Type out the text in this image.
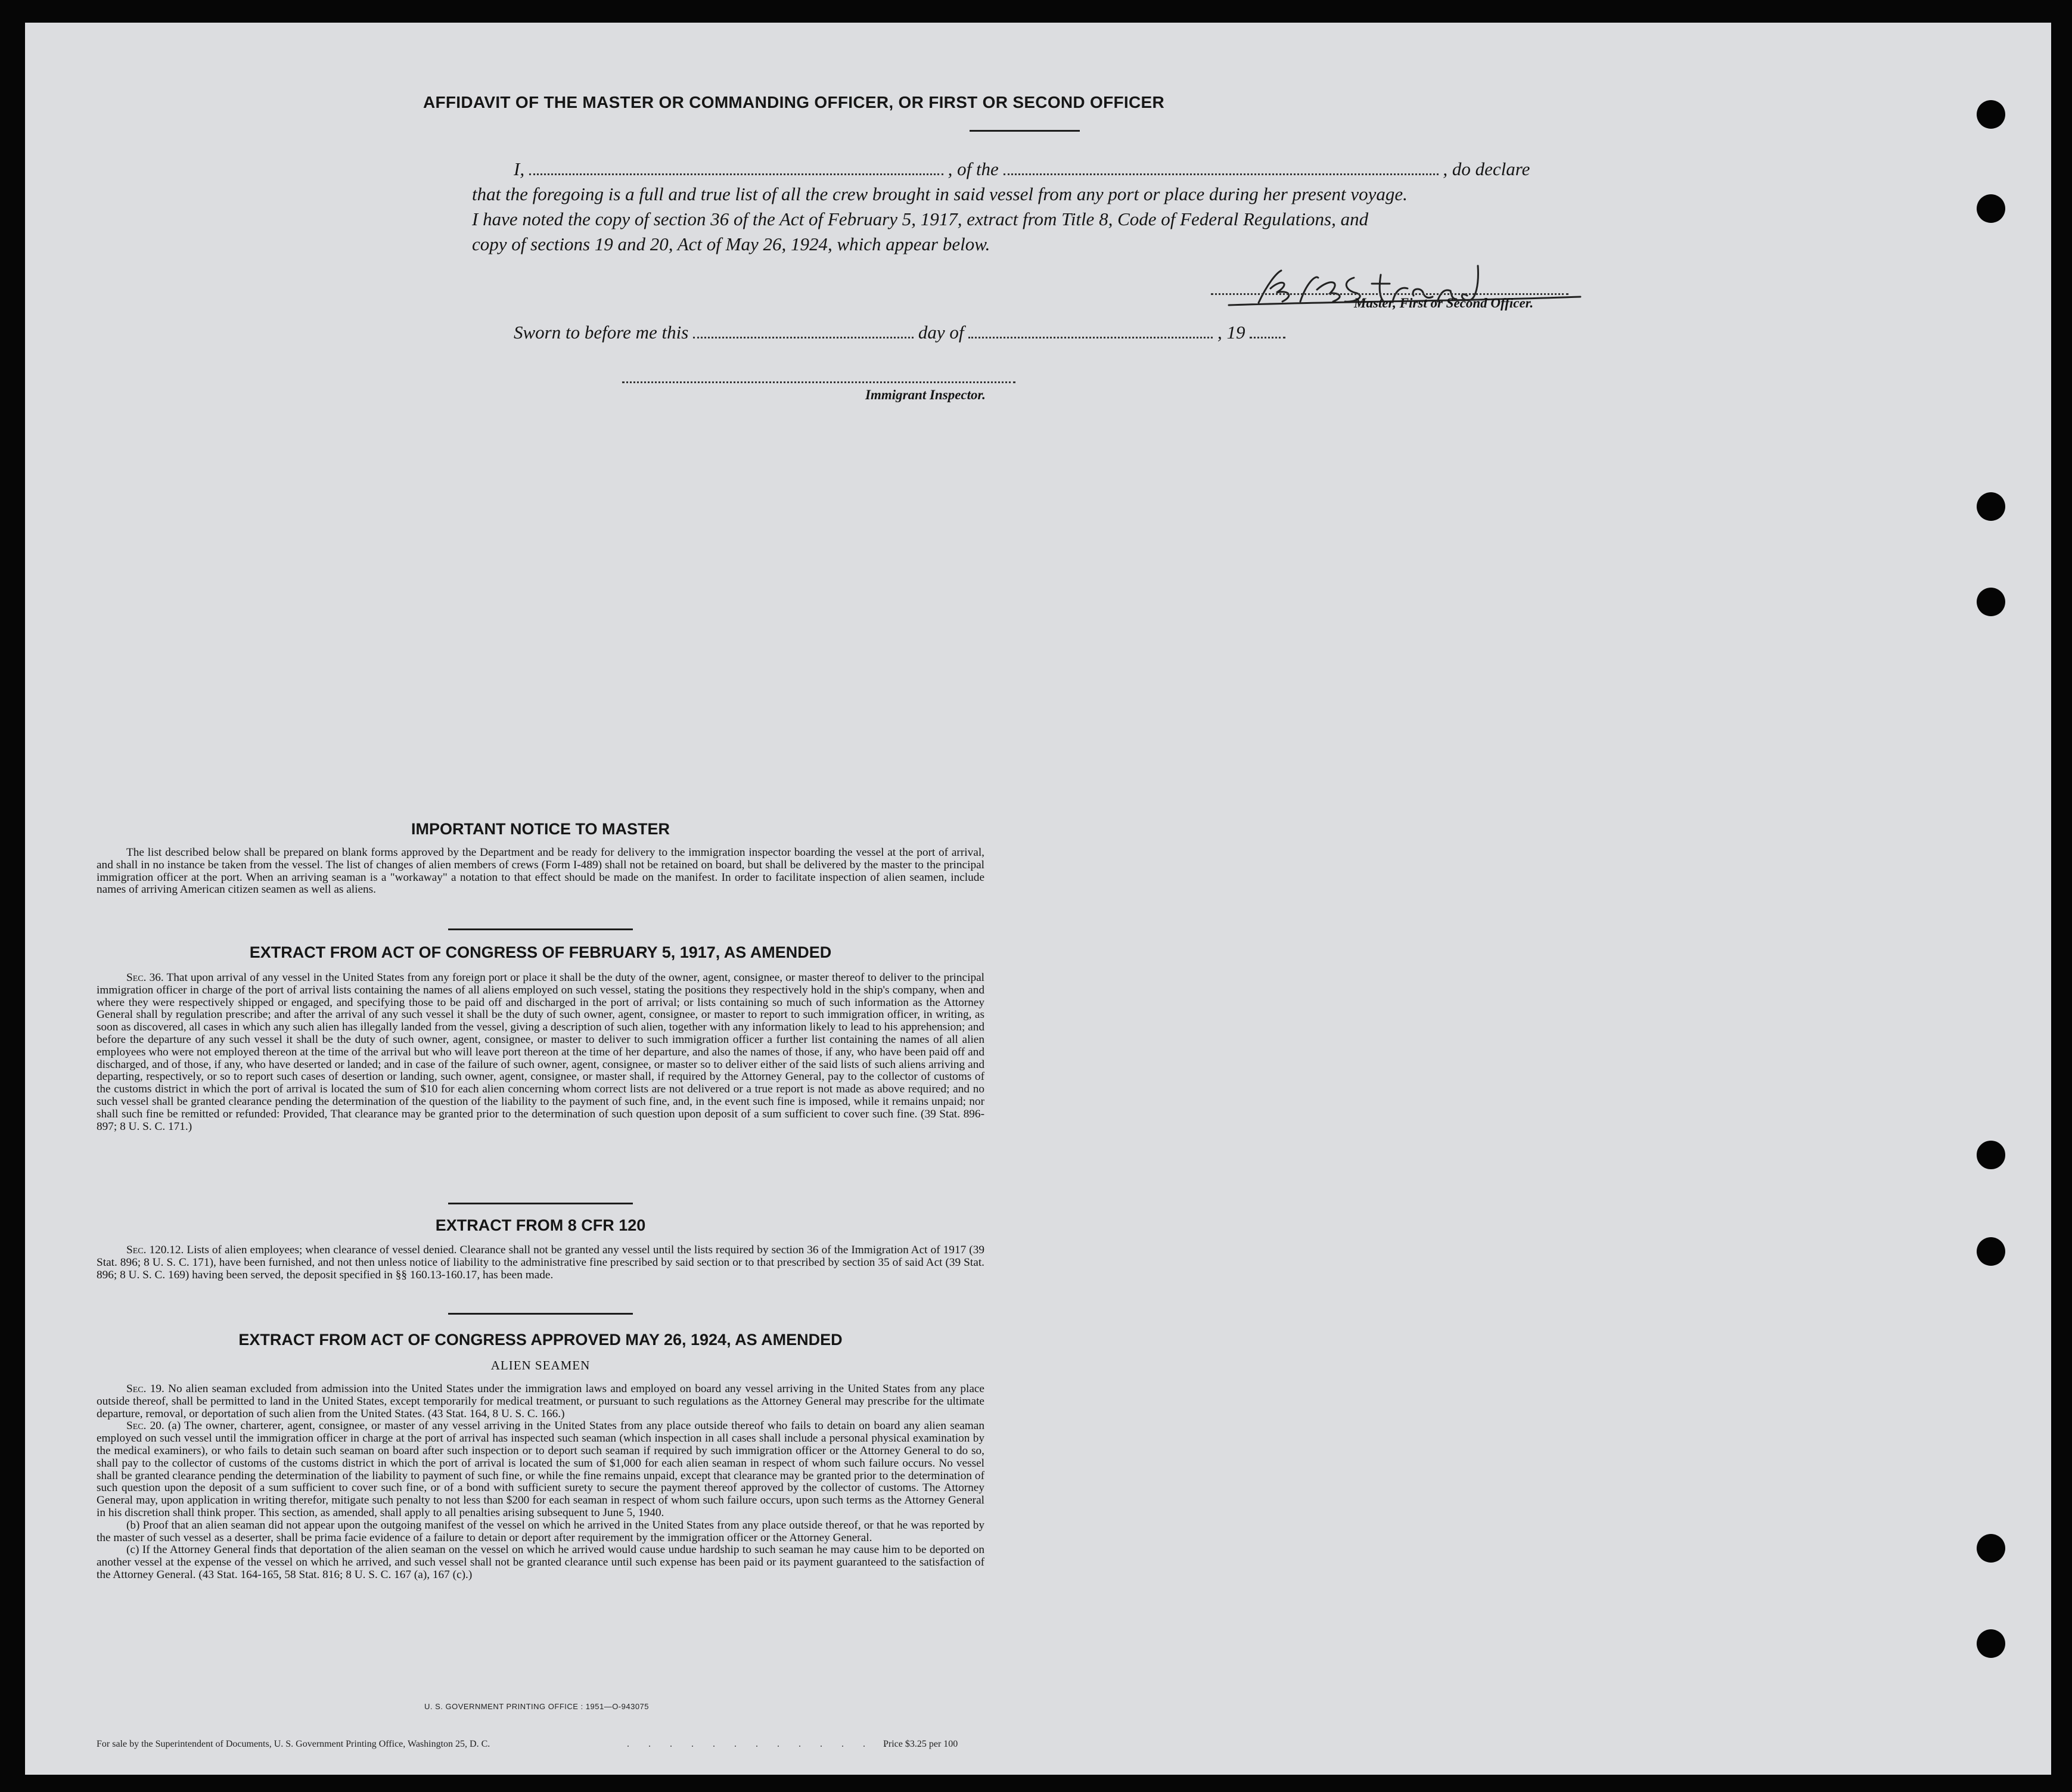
AFFIDAVIT OF THE MASTER OR COMMANDING OFFICER, OR FIRST OR SECOND OFFICER
I,	, of the	, do declare
that the foregoing is a full and true list of all the crew brought in said vessel from any port or place during her present voyage.
I have noted the copy of section 36 of the Act of February 5, 1917, extract from Title 8, Code of Federal Regulations, and
copy of sections 19 and 20, Act of May 26, 1924, which appear below.
Master, First or Second Officer.
Sworn to before me this	day of	, 19
Immigrant Inspector.
IMPORTANT NOTICE TO MASTER

The list described below shall be prepared on blank forms approved by the Department and be ready for delivery to the immigration inspector boarding the vessel at the port of arrival, and shall in no instance be taken from the vessel. The list of changes of alien members of crews (Form I-489) shall not be retained on board, but shall be delivered by the master to the principal immigration officer at the port. When an arriving seaman is a "workaway" a notation to that effect should be made on the manifest. In order to facilitate inspection of alien seamen, include names of arriving American citizen seamen as well as aliens.

EXTRACT FROM ACT OF CONGRESS OF FEBRUARY 5, 1917, AS AMENDED

Sec. 36. That upon arrival of any vessel in the United States from any foreign port or place it shall be the duty of the owner, agent, consignee, or master thereof to deliver to the principal immigration officer in charge of the port of arrival lists containing the names of all aliens employed on such vessel, stating the positions they respectively hold in the ship's company, when and where they were respectively shipped or engaged, and specifying those to be paid off and discharged in the port of arrival; or lists containing so much of such information as the Attorney General shall by regulation prescribe; and after the arrival of any such vessel it shall be the duty of such owner, agent, consignee, or master to report to such immigration officer, in writing, as soon as discovered, all cases in which any such alien has illegally landed from the vessel, giving a description of such alien, together with any information likely to lead to his apprehension; and before the departure of any such vessel it shall be the duty of such owner, agent, consignee, or master to deliver to such immigration officer a further list containing the names of all alien employees who were not employed thereon at the time of the arrival but who will leave port thereon at the time of her departure, and also the names of those, if any, who have been paid off and discharged, and of those, if any, who have deserted or landed; and in case of the failure of such owner, agent, consignee, or master so to deliver either of the said lists of such aliens arriving and departing, respectively, or so to report such cases of desertion or landing, such owner, agent, consignee, or master shall, if required by the Attorney General, pay to the collector of customs of the customs district in which the port of arrival is located the sum of $10 for each alien concerning whom correct lists are not delivered or a true report is not made as above required; and no such vessel shall be granted clearance pending the determination of the question of the liability to the payment of such fine, and, in the event such fine is imposed, while it remains unpaid; nor shall such fine be remitted or refunded: Provided, That clearance may be granted prior to the determination of such question upon deposit of a sum sufficient to cover such fine. (39 Stat. 896-897; 8 U. S. C. 171.)

EXTRACT FROM 8 CFR 120

Sec. 120.12. Lists of alien employees; when clearance of vessel denied. Clearance shall not be granted any vessel until the lists required by section 36 of the Immigration Act of 1917 (39 Stat. 896; 8 U. S. C. 171), have been furnished, and not then unless notice of liability to the administrative fine prescribed by said section or to that prescribed by section 35 of said Act (39 Stat. 896; 8 U. S. C. 169) having been served, the deposit specified in §§ 160.13-160.17, has been made.

EXTRACT FROM ACT OF CONGRESS APPROVED MAY 26, 1924, AS AMENDED
ALIEN SEAMEN

Sec. 19. No alien seaman excluded from admission into the United States under the immigration laws and employed on board any vessel arriving in the United States from any place outside thereof, shall be permitted to land in the United States, except temporarily for medical treatment, or pursuant to such regulations as the Attorney General may prescribe for the ultimate departure, removal, or deportation of such alien from the United States. (43 Stat. 164, 8 U. S. C. 166.)

Sec. 20. (a) The owner, charterer, agent, consignee, or master of any vessel arriving in the United States from any place outside thereof who fails to detain on board any alien seaman employed on such vessel until the immigration officer in charge at the port of arrival has inspected such seaman (which inspection in all cases shall include a personal physical examination by the medical examiners), or who fails to detain such seaman on board after such inspection or to deport such seaman if required by such immigration officer or the Attorney General to do so, shall pay to the collector of customs of the customs district in which the port of arrival is located the sum of $1,000 for each alien seaman in respect of whom such failure occurs. No vessel shall be granted clearance pending the determination of the liability to payment of such fine, or while the fine remains unpaid, except that clearance may be granted prior to the determination of such question upon the deposit of a sum sufficient to cover such fine, or of a bond with sufficient surety to secure the payment thereof approved by the collector of customs. The Attorney General may, upon application in writing therefor, mitigate such penalty to not less than $200 for each seaman in respect of whom such failure occurs, upon such terms as the Attorney General in his discretion shall think proper. This section, as amended, shall apply to all penalties arising subsequent to June 5, 1940.

(b) Proof that an alien seaman did not appear upon the outgoing manifest of the vessel on which he arrived in the United States from any place outside thereof, or that he was reported by the master of such vessel as a deserter, shall be prima facie evidence of a failure to detain or deport after requirement by the immigration officer or the Attorney General.

(c) If the Attorney General finds that deportation of the alien seaman on the vessel on which he arrived would cause undue hardship to such seaman he may cause him to be deported on another vessel at the expense of the vessel on which he arrived, and such vessel shall not be granted clearance until such expense has been paid or its payment guaranteed to the satisfaction of the Attorney General. (43 Stat. 164-165, 58 Stat. 816; 8 U. S. C. 167 (a), 167 (c).)

U. S. GOVERNMENT PRINTING OFFICE : 1951—O-943075
For sale by the Superintendent of Documents, U. S. Government Printing Office, Washington 25, D. C.	. . . . . . . . . . . . .
Price $3.25 per 100
